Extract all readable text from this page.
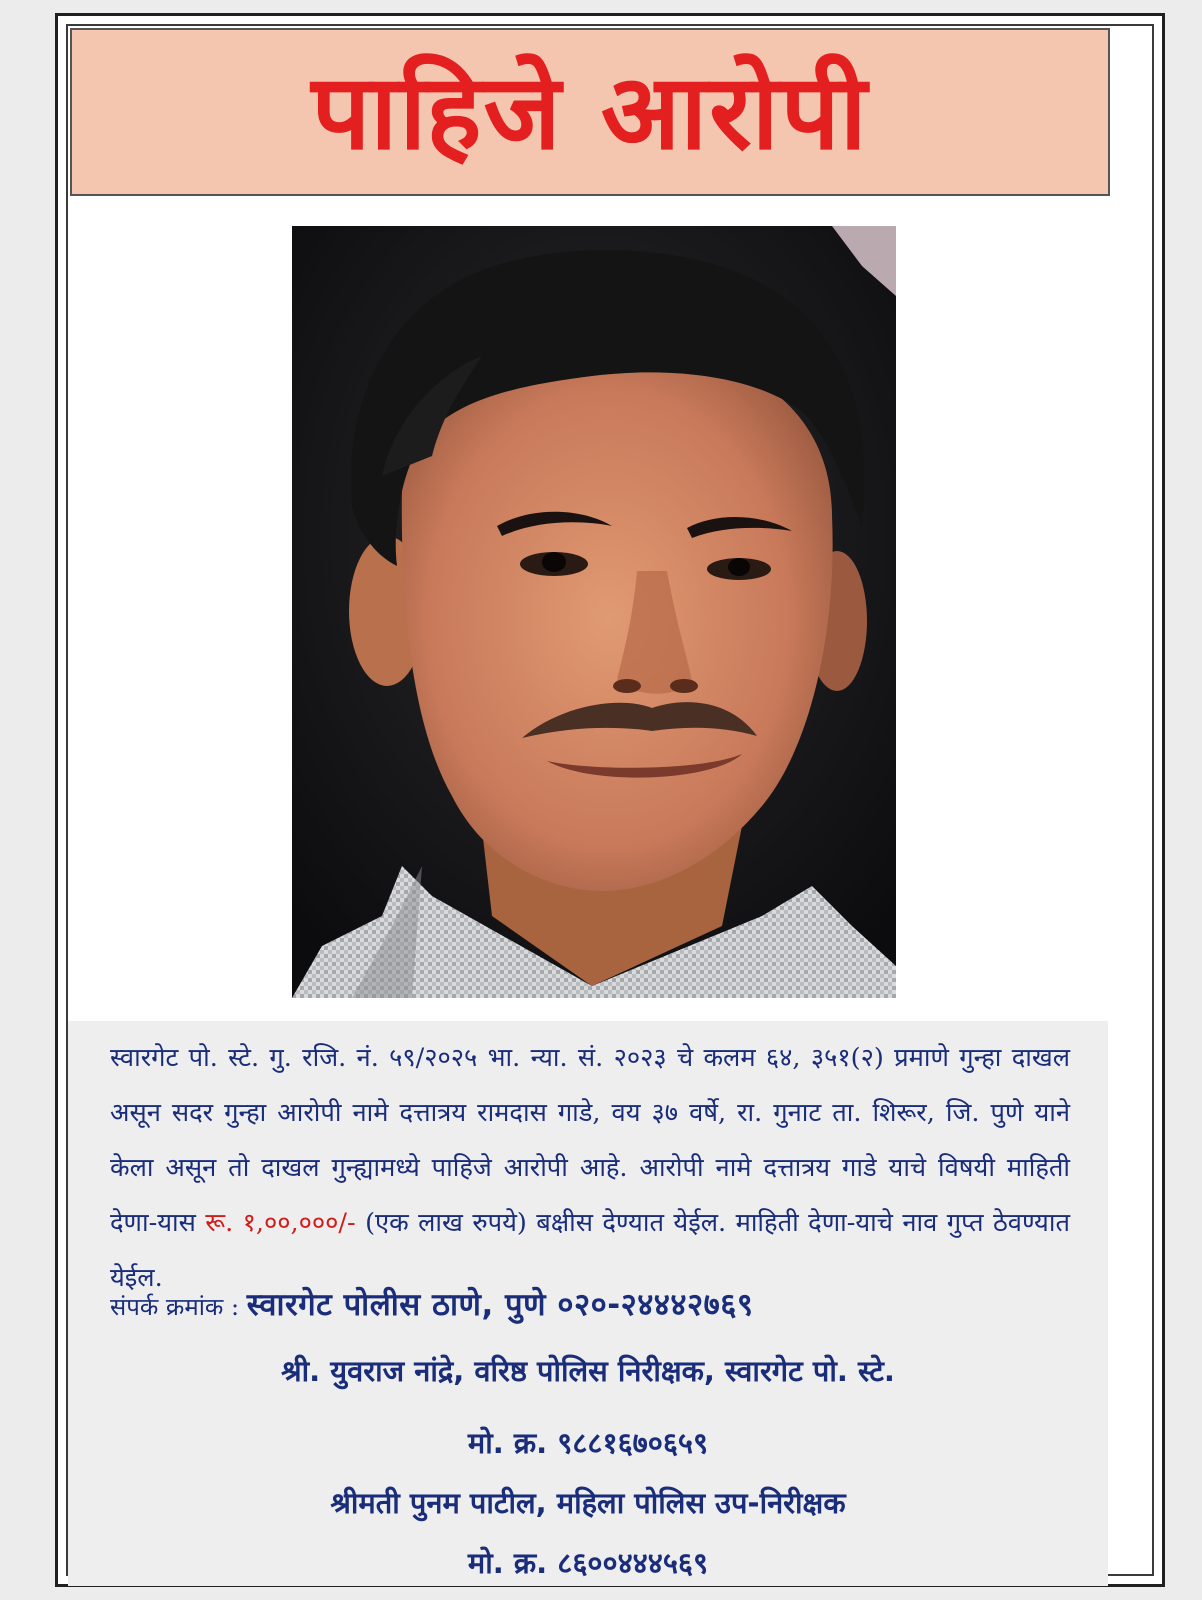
पाहिजे आरोपी

स्वारगेट पो. स्टे. गु. रजि. नं. ५९/२०२५ भा. न्या. सं. २०२३ चे कलम ६४, ३५१(२) प्रमाणे गुन्हा दाखल असून सदर गुन्हा आरोपी नामे दत्तात्रय रामदास गाडे, वय ३७ वर्षे, रा. गुनाट ता. शिरूर, जि. पुणे याने केला असून तो दाखल गुन्ह्यामध्ये पाहिजे आरोपी आहे. आरोपी नामे दत्तात्रय गाडे याचे विषयी माहिती देणा-यास रू. १,००,०००/- (एक लाख रुपये) बक्षीस देण्यात येईल. माहिती देणा-याचे नाव गुप्त ठेवण्यात येईल.

संपर्क क्रमांक : स्वारगेट पोलीस ठाणे, पुणे ०२०-२४४४२७६९
श्री. युवराज नांद्रे, वरिष्ठ पोलिस निरीक्षक, स्वारगेट पो. स्टे.
मो. क्र. ९८८१६७०६५९
श्रीमती पुनम पाटील, महिला पोलिस उप-निरीक्षक
मो. क्र. ८६००४४४५६९
